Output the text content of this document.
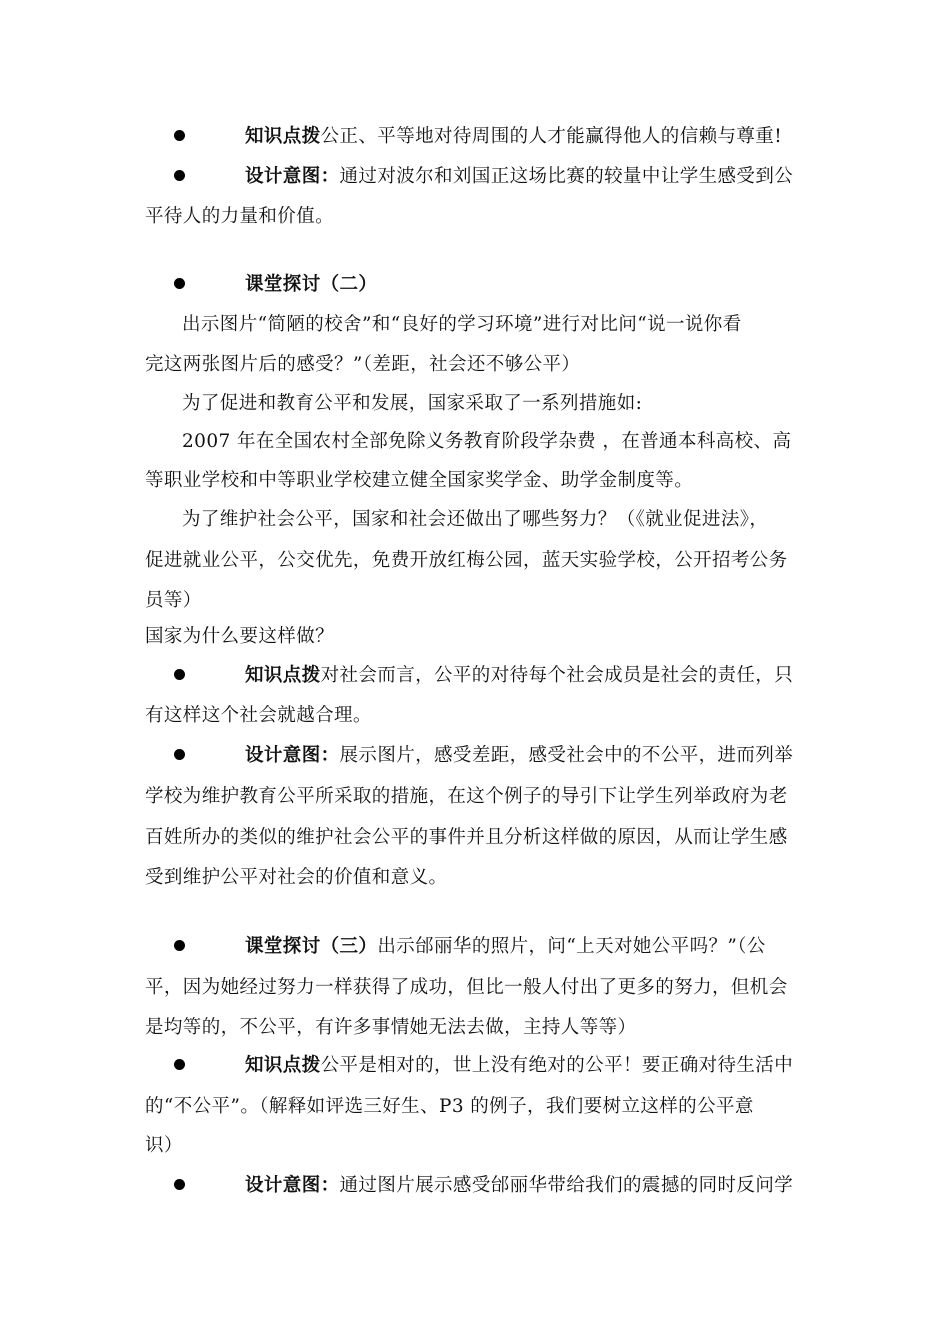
知识点拨公正、平等地对待周围的人才能赢得他人的信赖与尊重!
设计意图：通过对波尔和刘国正这场比赛的较量中让学生感受到公
平待人的力量和价值。
课堂探讨（二）
出示图片“简陋的校舍”和“良好的学习环境”进行对比问“说一说你看
完这两张图片后的感受？”（差距，社会还不够公平）
为了促进和教育公平和发展，国家采取了一系列措施如:
2007 年在全国农村全部免除义务教育阶段学杂费 ，在普通本科高校、高
等职业学校和中等职业学校建立健全国家奖学金、助学金制度等。
为了维护社会公平，国家和社会还做出了哪些努力？（《就业促进法》，
促进就业公平，公交优先，免费开放红梅公园，蓝天实验学校，公开招考公务
员等）
国家为什么要这样做？
知识点拨对社会而言，公平的对待每个社会成员是社会的责任，只
有这样这个社会就越合理。
设计意图：展示图片，感受差距，感受社会中的不公平，进而列举
学校为维护教育公平所采取的措施，在这个例子的导引下让学生列举政府为老
百姓所办的类似的维护社会公平的事件并且分析这样做的原因，从而让学生感
受到维护公平对社会的价值和意义。
课堂探讨（三）出示邰丽华的照片，问“上天对她公平吗？”（公
平，因为她经过努力一样获得了成功，但比一般人付出了更多的努力，但机会
是均等的，不公平，有许多事情她无法去做，主持人等等）
知识点拨公平是相对的，世上没有绝对的公平！要正确对待生活中
的“不公平”。（解释如评选三好生、P3 的例子，我们要树立这样的公平意
识）
设计意图：通过图片展示感受邰丽华带给我们的震撼的同时反问学
